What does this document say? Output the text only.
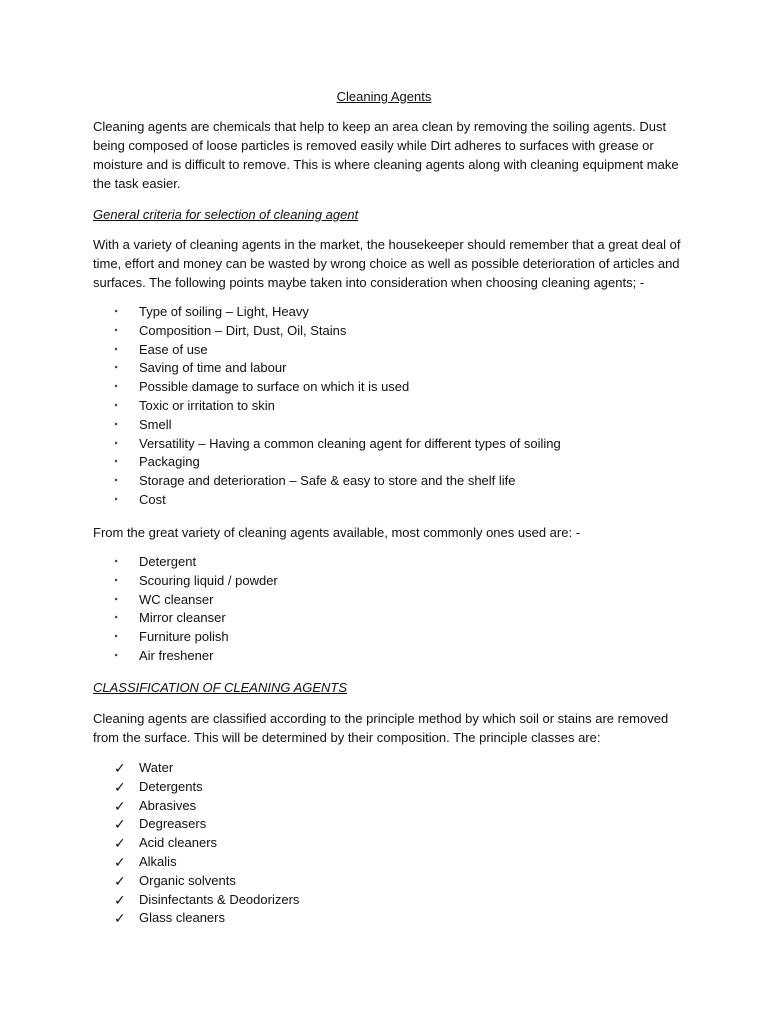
Cleaning Agents

Cleaning agents are chemicals that help to keep an area clean by removing the soiling agents. Dust being composed of loose particles is removed easily while Dirt adheres to surfaces with grease or moisture and is difficult to remove. This is where cleaning agents along with cleaning equipment make the task easier.

General criteria for selection of cleaning agent

With a variety of cleaning agents in the market, the housekeeper should remember that a great deal of time, effort and money can be wasted by wrong choice as well as possible deterioration of articles and surfaces. The following points maybe taken into consideration when choosing cleaning agents; -

‣ Type of soiling – Light, Heavy
‣ Composition – Dirt, Dust, Oil, Stains
‣ Ease of use
‣ Saving of time and labour
‣ Possible damage to surface on which it is used
‣ Toxic or irritation to skin
‣ Smell
‣ Versatility – Having a common cleaning agent for different types of soiling
‣ Packaging
‣ Storage and deterioration – Safe & easy to store and the shelf life
‣ Cost

From the great variety of cleaning agents available, most commonly ones used are: -

‣ Detergent
‣ Scouring liquid / powder
‣ WC cleanser
‣ Mirror cleanser
‣ Furniture polish
‣ Air freshener
CLASSIFICATION OF CLEANING AGENTS

Cleaning agents are classified according to the principle method by which soil or stains are removed from the surface. This will be determined by their composition. The principle classes are:

✓ Water
✓ Detergents
✓ Abrasives
✓ Degreasers
✓ Acid cleaners
✓ Alkalis
✓ Organic solvents
✓ Disinfectants & Deodorizers
✓ Glass cleaners
